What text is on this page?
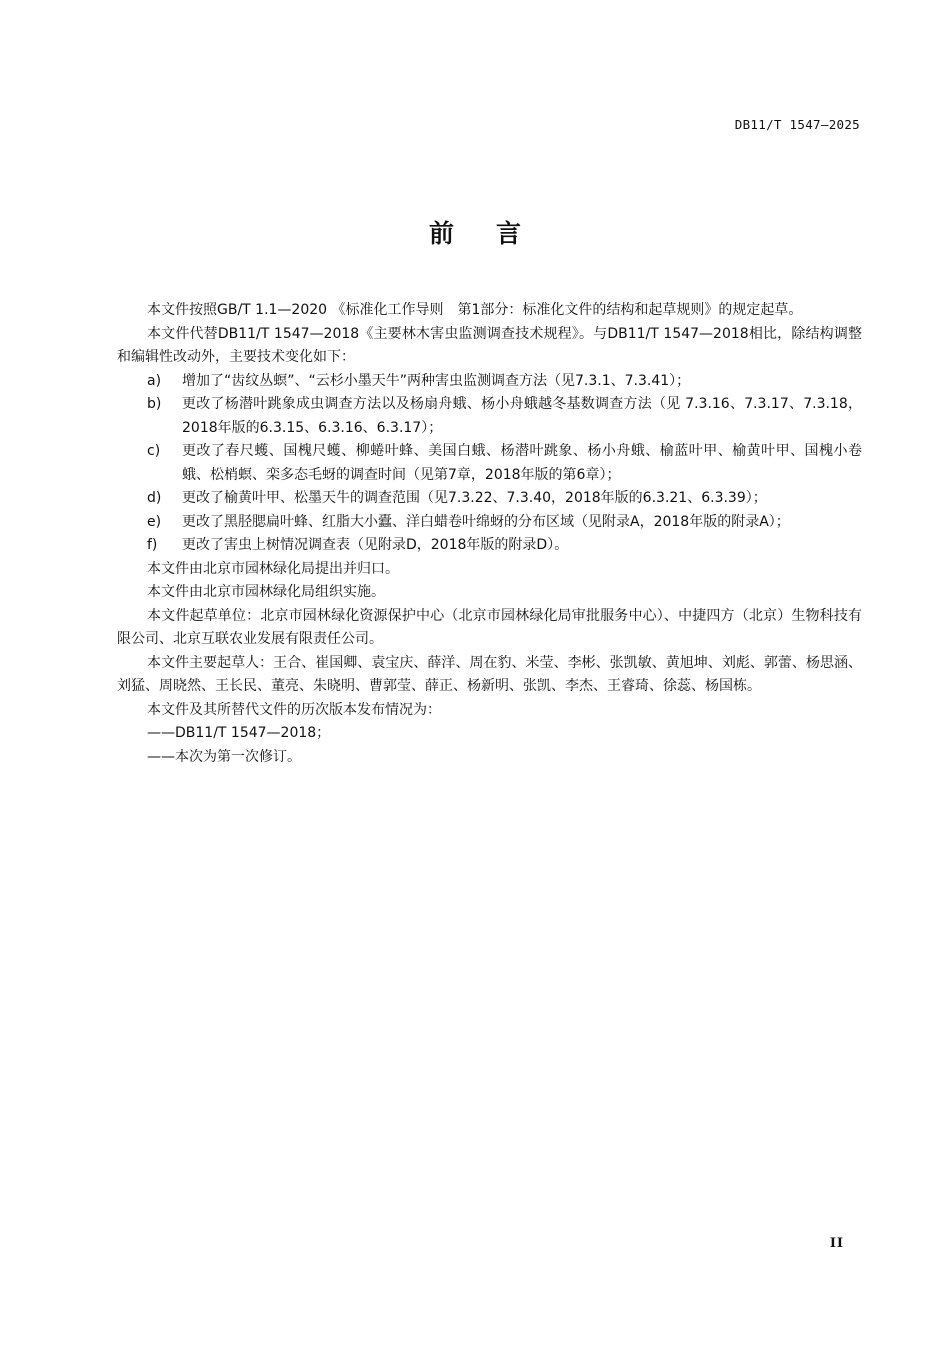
DB11/T 1547—2025
前言

本文件按照GB/T 1.1—2020 《标准化工作导则　第1部分：标准化文件的结构和起草规则》的规定起草。

本文件代替DB11/T 1547—2018《主要林木害虫监测调查技术规程》。与DB11/T 1547—2018相比，除结构调整和编辑性改动外，主要技术变化如下：

a)	增加了“齿纹丛螟”、“云杉小墨天牛”两种害虫监测调查方法（见7.3.1、7.3.41）；
b)	更改了杨潜叶跳象成虫调查方法以及杨扇舟蛾、杨小舟蛾越冬基数调查方法（见 7.3.16、7.3.17、7.3.18，2018年版的6.3.15、6.3.16、6.3.17）；
c)	更改了春尺蠖、国槐尺蠖、柳蜷叶蜂、美国白蛾、杨潜叶跳象、杨小舟蛾、榆蓝叶甲、榆黄叶甲、国槐小卷蛾、松梢螟、栾多态毛蚜的调查时间（见第7章，2018年版的第6章）；
d)	更改了榆黄叶甲、松墨天牛的调查范围（见7.3.22、7.3.40，2018年版的6.3.21、6.3.39）；
e)	更改了黑胫腮扁叶蜂、红脂大小蠹、洋白蜡卷叶绵蚜的分布区域（见附录A，2018年版的附录A）；
f)	更改了害虫上树情况调查表（见附录D，2018年版的附录D）。

本文件由北京市园林绿化局提出并归口。

本文件由北京市园林绿化局组织实施。

本文件起草单位：北京市园林绿化资源保护中心（北京市园林绿化局审批服务中心）、中捷四方（北京）生物科技有限公司、北京互联农业发展有限责任公司。

本文件主要起草人：王合、崔国卿、袁宝庆、薛洋、周在豹、米莹、李彬、张凯敏、黄旭坤、刘彪、郭蕾、杨思涵、刘猛、周晓然、王长民、董亮、朱晓明、曹郭莹、薛正、杨新明、张凯、李杰、王睿琦、徐蕊、杨国栋。

本文件及其所替代文件的历次版本发布情况为：

——DB11/T 1547—2018；

——本次为第一次修订。

II
